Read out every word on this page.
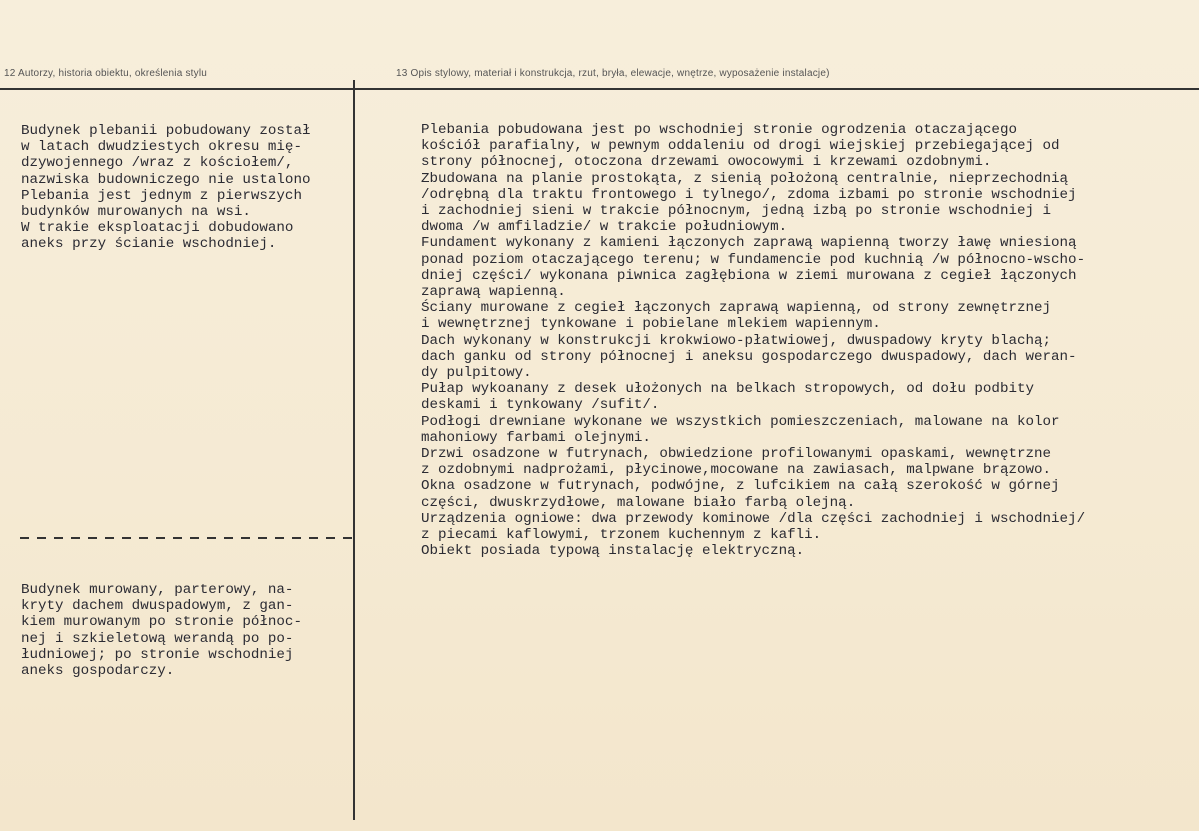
12 Autorzy, historia obiektu, określenia stylu	13 Opis stylowy, materiał i konstrukcja, rzut, bryła, elewacje, wnętrze, wyposażenie instalacje)
Budynek plebanii pobudowany został
w latach dwudziestych okresu mię-
dzywojennego /wraz z kościołem/,
nazwiska budowniczego nie ustalono
Plebania jest jednym z pierwszych
budynków murowanych na wsi.
W trakie eksploatacji dobudowano
aneks przy ścianie wschodniej.
Budynek murowany, parterowy, na-
kryty dachem dwuspadowym, z gan-
kiem murowanym po stronie północ-
nej i szkieletową werandą po po-
łudniowej; po stronie wschodniej
aneks gospodarczy.
Plebania pobudowana jest po wschodniej stronie ogrodzenia otaczającego
kościół parafialny, w pewnym oddaleniu od drogi wiejskiej przebiegającej od
strony północnej, otoczona drzewami owocowymi i krzewami ozdobnymi.
Zbudowana na planie prostokąta, z sienią położoną centralnie, nieprzechodnią
/odrębną dla traktu frontowego i tylnego/, zdoma izbami po stronie wschodniej
i zachodniej sieni w trakcie północnym, jedną izbą po stronie wschodniej i
dwoma /w amfiladzie/ w trakcie południowym.
Fundament wykonany z kamieni łączonych zaprawą wapienną tworzy ławę wniesioną
ponad poziom otaczającego terenu; w fundamencie pod kuchnią /w północno-wscho-
dniej części/ wykonana piwnica zagłębiona w ziemi murowana z cegieł łączonych
zaprawą wapienną.
Ściany murowane z cegieł łączonych zaprawą wapienną, od strony zewnętrznej
i wewnętrznej tynkowane i pobielane mlekiem wapiennym.
Dach wykonany w konstrukcji krokwiowo-płatwiowej, dwuspadowy kryty blachą;
dach ganku od strony północnej i aneksu gospodarczego dwuspadowy, dach weran-
dy pulpitowy.
Pułap wykoanany z desek ułożonych na belkach stropowych, od dołu podbity
deskami i tynkowany /sufit/.
Podłogi drewniane wykonane we wszystkich pomieszczeniach, malowane na kolor
mahoniowy farbami olejnymi.
Drzwi osadzone w futrynach, obwiedzione profilowanymi opaskami, wewnętrzne
z ozdobnymi nadprożami, płycinowe,mocowane na zawiasach, malpwane brązowo.
Okna osadzone w futrynach, podwójne, z lufcikiem na całą szerokość w górnej
części, dwuskrzydłowe, malowane biało farbą olejną.
Urządzenia ogniowe: dwa przewody kominowe /dla części zachodniej i wschodniej/
z piecami kaflowymi, trzonem kuchennym z kafli.
Obiekt posiada typową instalację elektryczną.
